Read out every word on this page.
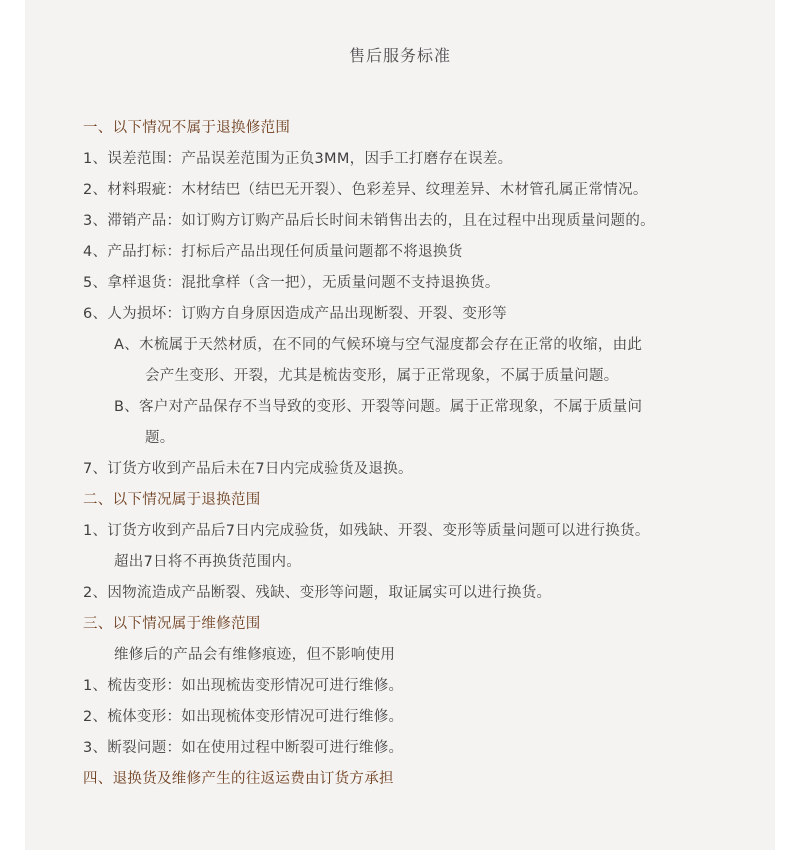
售后服务标准
一、以下情况不属于退换修范围
1、误差范围：产品误差范围为正负3MM，因手工打磨存在误差。
2、材料瑕疵：木材结巴（结巴无开裂）、色彩差异、纹理差异、木材管孔属正常情况。
3、滞销产品：如订购方订购产品后长时间未销售出去的，且在过程中出现质量问题的。
4、产品打标：打标后产品出现任何质量问题都不将退换货
5、拿样退货：混批拿样（含一把），无质量问题不支持退换货。
6、人为损坏：订购方自身原因造成产品出现断裂、开裂、变形等
A、木梳属于天然材质，在不同的气候环境与空气湿度都会存在正常的收缩，由此
会产生变形、开裂，尤其是梳齿变形，属于正常现象，不属于质量问题。
B、客户对产品保存不当导致的变形、开裂等问题。属于正常现象，不属于质量问
题。
7、订货方收到产品后未在7日内完成验货及退换。
二、以下情况属于退换范围
1、订货方收到产品后7日内完成验货，如残缺、开裂、变形等质量问题可以进行换货。
超出7日将不再换货范围内。
2、因物流造成产品断裂、残缺、变形等问题，取证属实可以进行换货。
三、以下情况属于维修范围
维修后的产品会有维修痕迹，但不影响使用
1、梳齿变形：如出现梳齿变形情况可进行维修。
2、梳体变形：如出现梳体变形情况可进行维修。
3、断裂问题：如在使用过程中断裂可进行维修。
四、退换货及维修产生的往返运费由订货方承担
